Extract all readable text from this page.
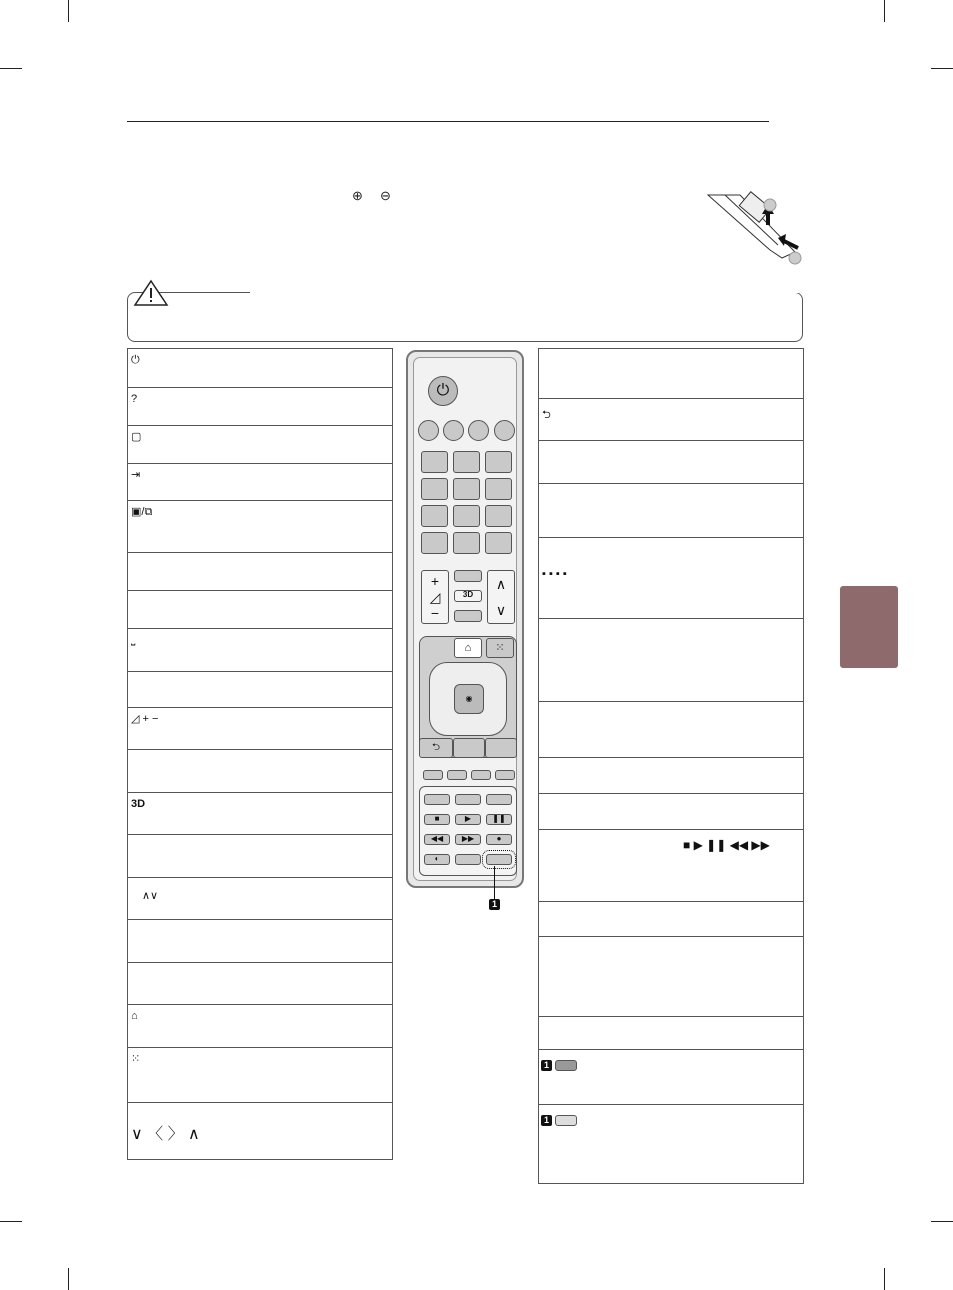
⊕ ⊖
⏻
?
▢
⇥
▣/⧉
⎵
◿ + −
3D
∧∨
⌂
⁙
∨ 〈 〉 ∧
⮌
▪ ▪ ▪ ▪
■ ▶ ❚❚ ◀◀ ▶▶
1
1
⏻
+
◿
−
3D
∧
∨
⌂	⁙
◉
⮌
■	▶	❚❚
◀◀	▶▶	●
◐
1
